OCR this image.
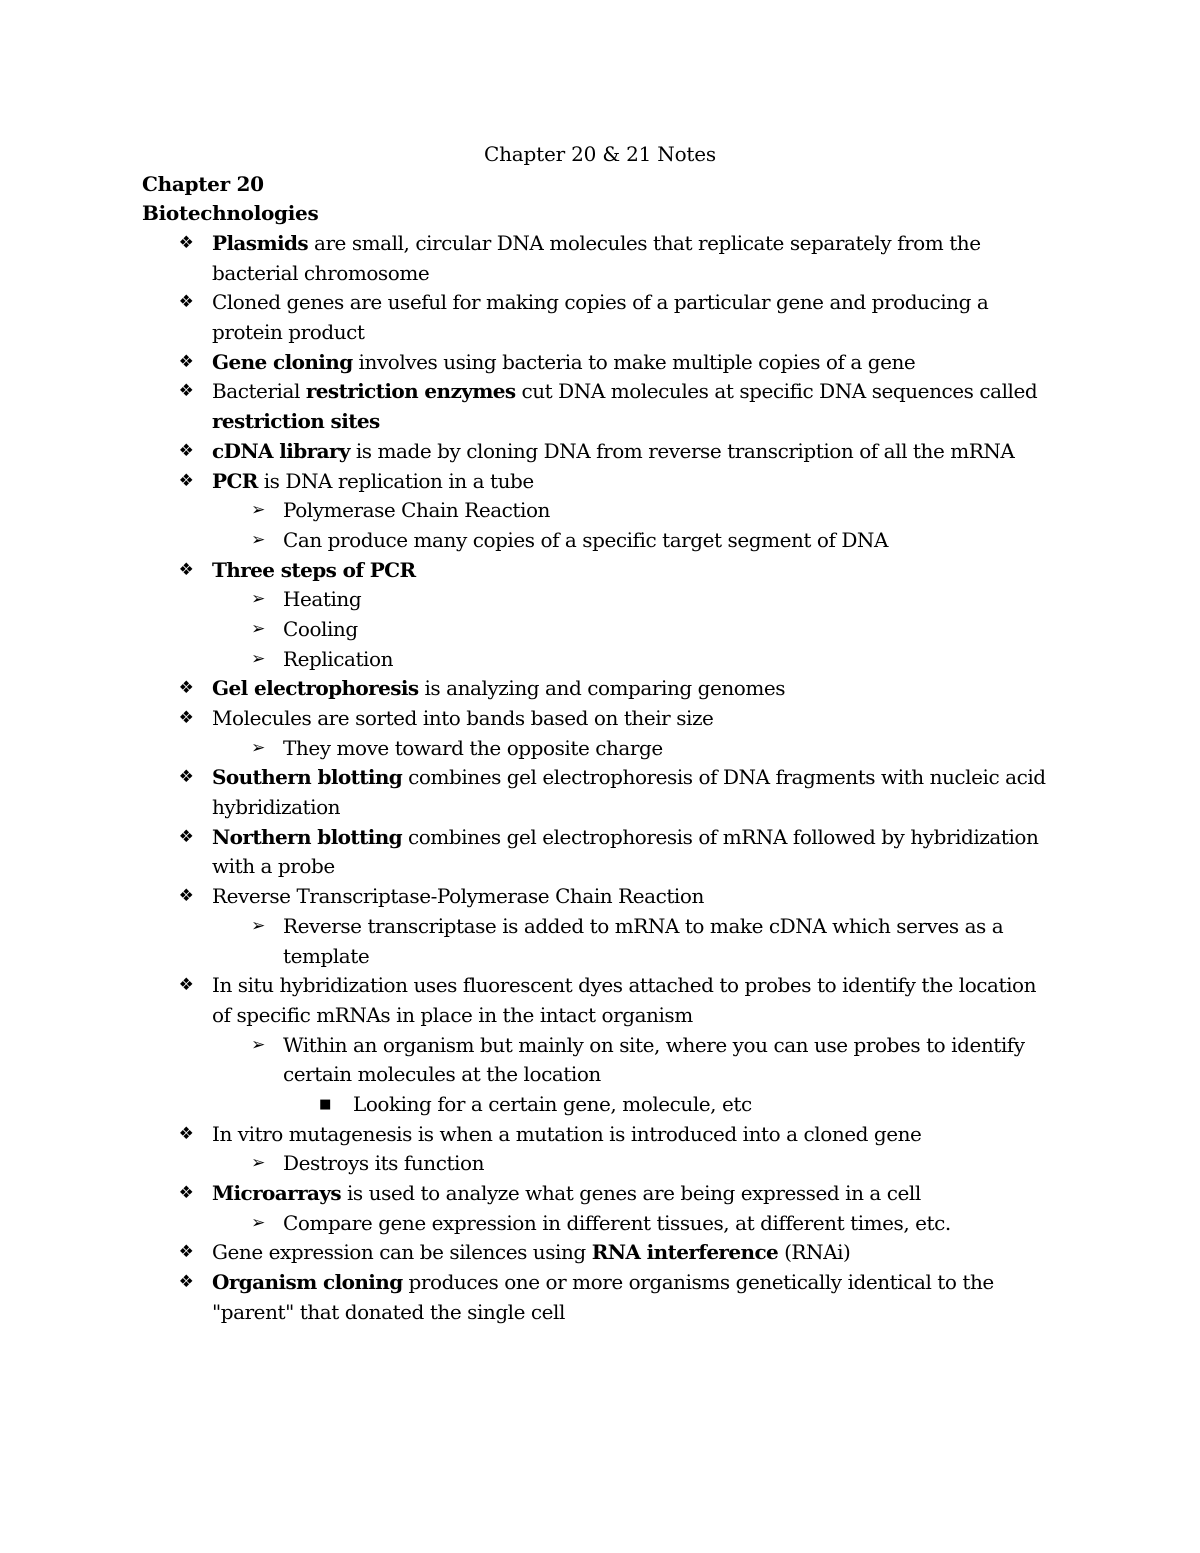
Chapter 20 & 21 Notes
Chapter 20
Biotechnologies
❖ Plasmids are small, circular DNA molecules that replicate separately from the
bacterial chromosome
❖ Cloned genes are useful for making copies of a particular gene and producing a
protein product
❖ Gene cloning involves using bacteria to make multiple copies of a gene
❖ Bacterial restriction enzymes cut DNA molecules at specific DNA sequences called
restriction sites
❖ cDNA library is made by cloning DNA from reverse transcription of all the mRNA
❖ PCR is DNA replication in a tube
➢ Polymerase Chain Reaction
➢ Can produce many copies of a specific target segment of DNA
❖ Three steps of PCR
➢ Heating
➢ Cooling
➢ Replication
❖ Gel electrophoresis is analyzing and comparing genomes
❖ Molecules are sorted into bands based on their size
➢ They move toward the opposite charge
❖ Southern blotting combines gel electrophoresis of DNA fragments with nucleic acid
hybridization
❖ Northern blotting combines gel electrophoresis of mRNA followed by hybridization
with a probe
❖ Reverse Transcriptase-Polymerase Chain Reaction
➢ Reverse transcriptase is added to mRNA to make cDNA which serves as a
template
❖ In situ hybridization uses fluorescent dyes attached to probes to identify the location
of specific mRNAs in place in the intact organism
➢ Within an organism but mainly on site, where you can use probes to identify
certain molecules at the location
■	Looking for a certain gene, molecule, etc
❖ In vitro mutagenesis is when a mutation is introduced into a cloned gene
➢ Destroys its function
❖ Microarrays is used to analyze what genes are being expressed in a cell
➢ Compare gene expression in different tissues, at different times, etc.
❖ Gene expression can be silences using RNA interference (RNAi)
❖ Organism cloning produces one or more organisms genetically identical to the
"parent" that donated the single cell
